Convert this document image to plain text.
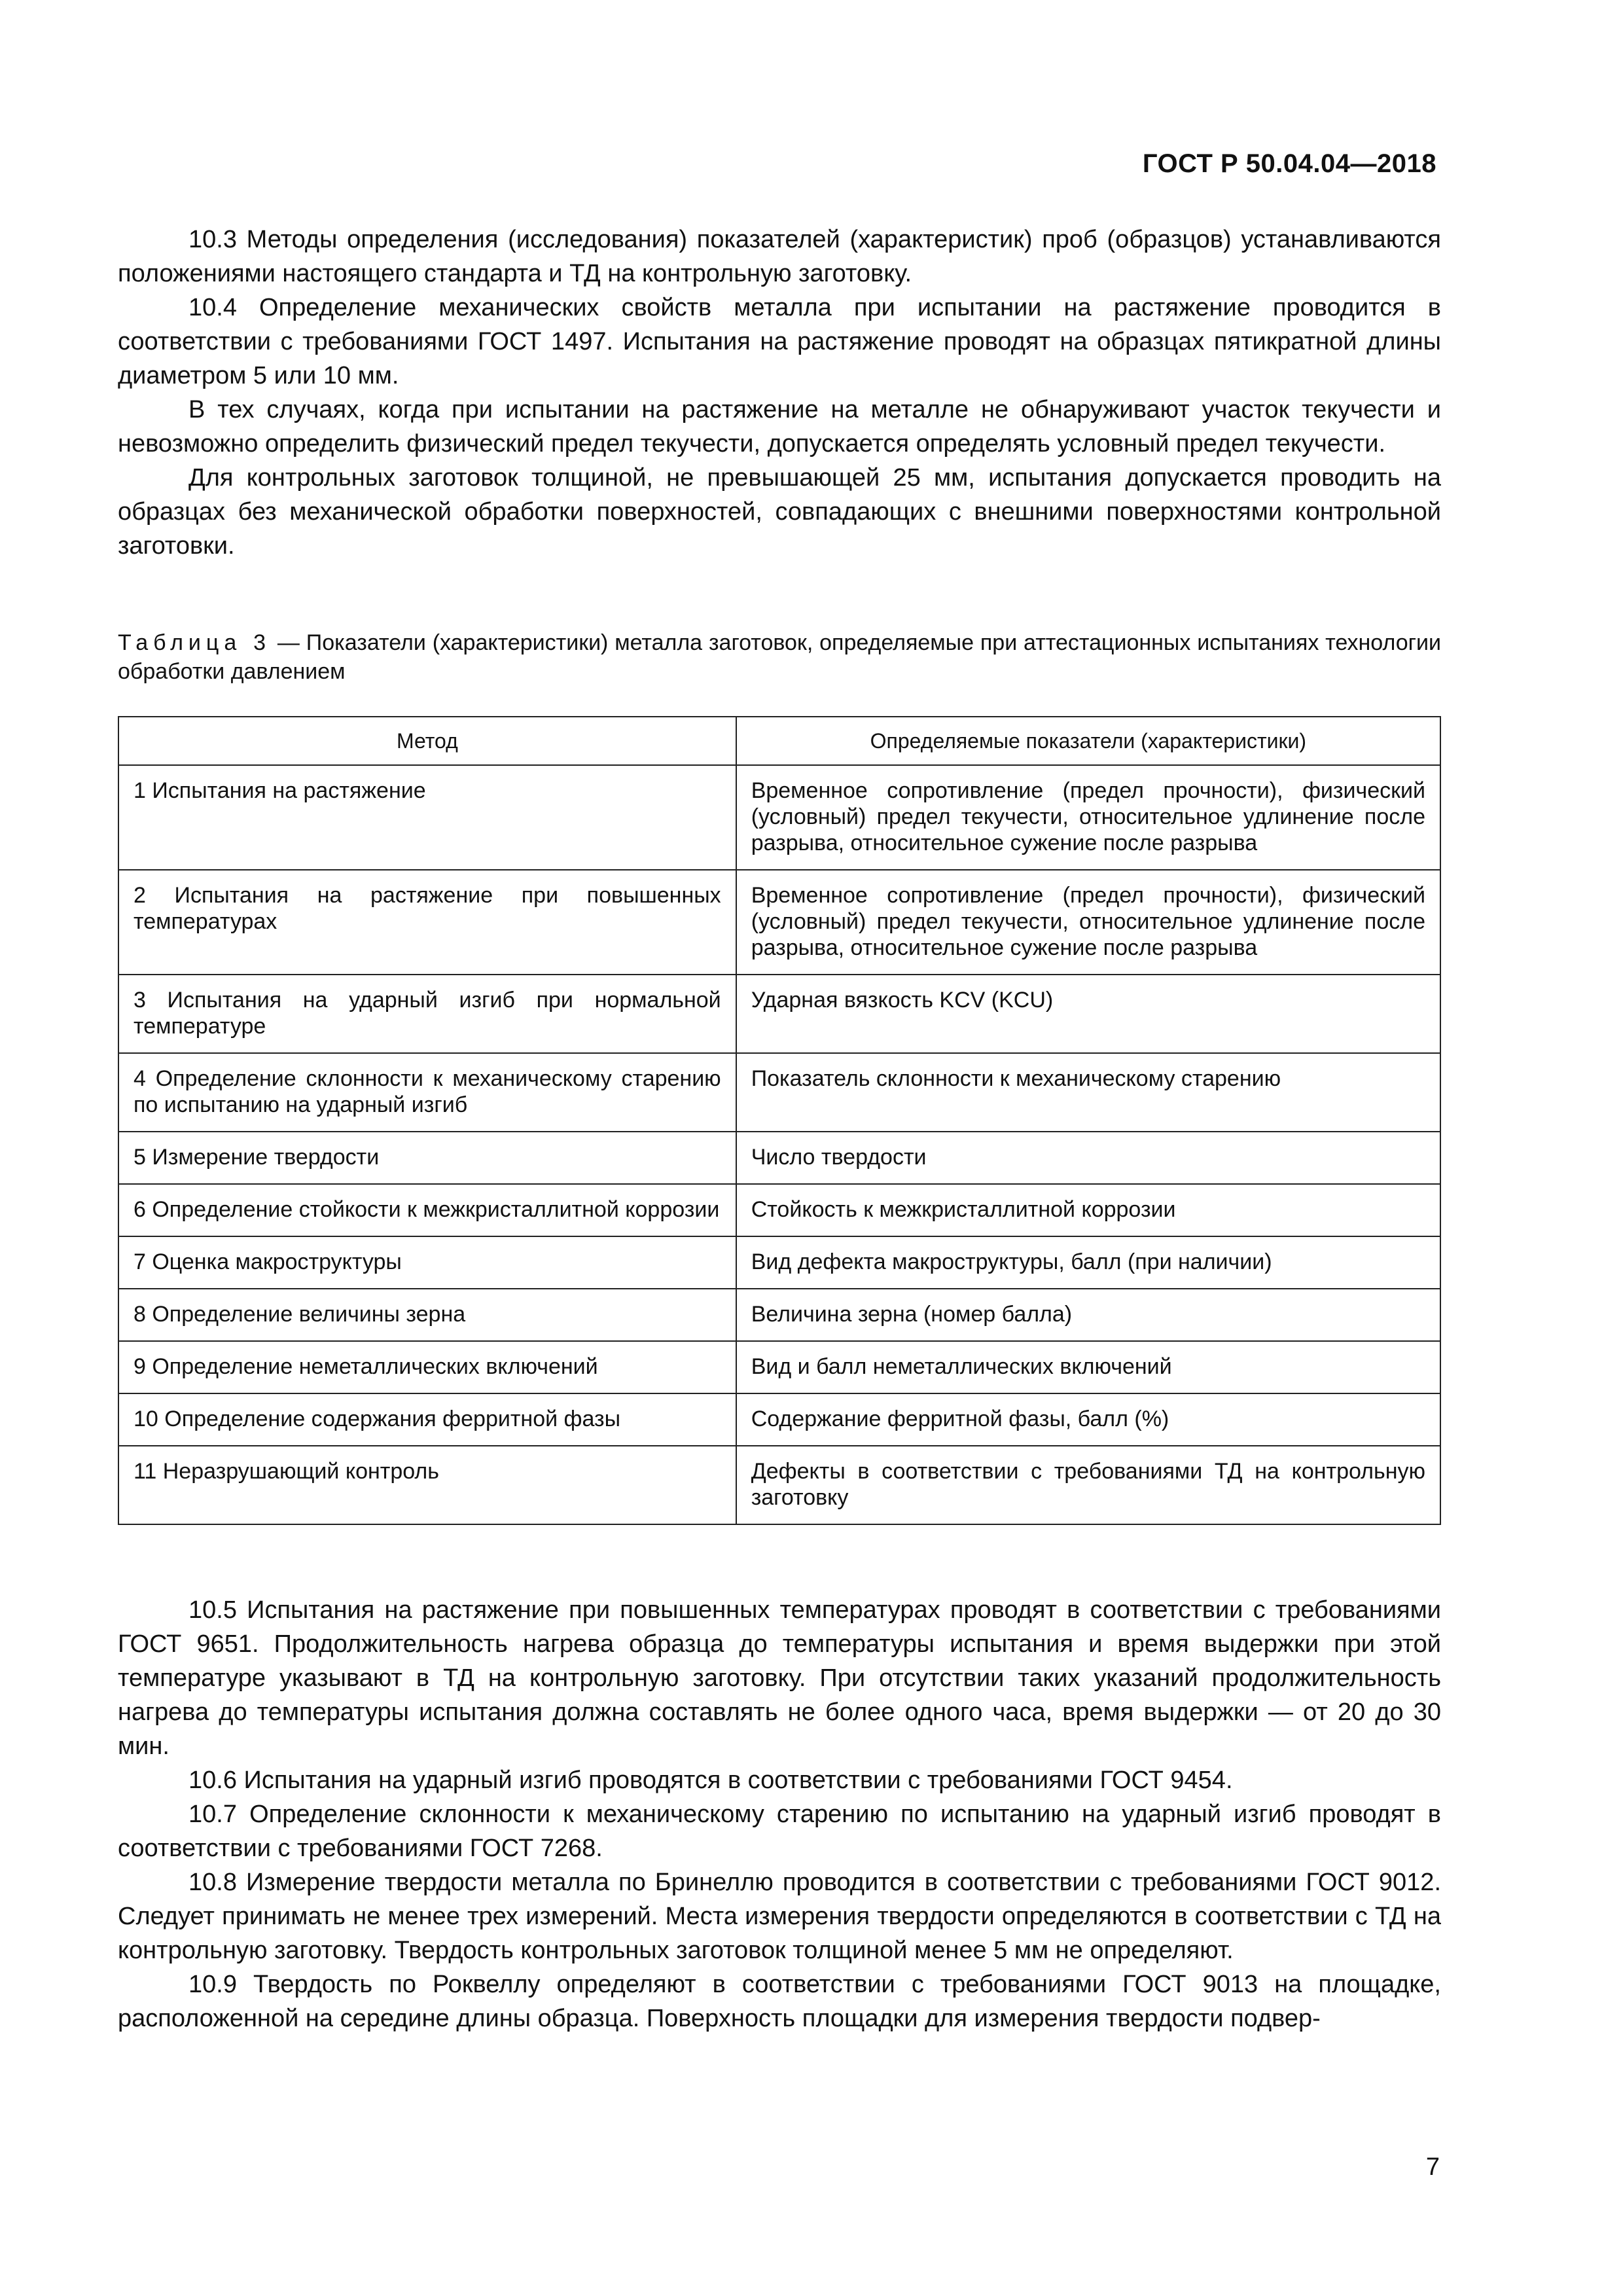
ГОСТ Р 50.04.04—2018

10.3 Методы определения (исследования) показателей (характеристик) проб (образцов) устанавливаются положениями настоящего стандарта и ТД на контрольную заготовку.

10.4 Определение механических свойств металла при испытании на растяжение проводится в соответствии с требованиями ГОСТ 1497. Испытания на растяжение проводят на образцах пятикратной длины диаметром 5 или 10 мм.

В тех случаях, когда при испытании на растяжение на металле не обнаруживают участок текучести и невозможно определить физический предел текучести, допускается определять условный предел текучести.

Для контрольных заготовок толщиной, не превышающей 25 мм, испытания допускается проводить на образцах без механической обработки поверхностей, совпадающих с внешними поверхностями контрольной заготовки.

Таблица 3 — Показатели (характеристики) металла заготовок, определяемые при аттестационных испытаниях технологии обработки давлением
Метод	Определяемые показатели (характеристики)
1 Испытания на растяжение	Временное сопротивление (предел прочности), физический (условный) предел текучести, относительное удлинение после разрыва, относительное сужение после разрыва
2 Испытания на растяжение при повышенных температурах	Временное сопротивление (предел прочности), физический (условный) предел текучести, относительное удлинение после разрыва, относительное сужение после разрыва
3 Испытания на ударный изгиб при нормальной температуре	Ударная вязкость KCV (KCU)
4 Определение склонности к механическому старению по испытанию на ударный изгиб	Показатель склонности к механическому старению
5 Измерение твердости	Число твердости
6 Определение стойкости к межкристаллитной коррозии	Стойкость к межкристаллитной коррозии
7 Оценка макроструктуры	Вид дефекта макроструктуры, балл (при наличии)
8 Определение величины зерна	Величина зерна (номер балла)
9 Определение неметаллических включений	Вид и балл неметаллических включений
10 Определение содержания ферритной фазы	Содержание ферритной фазы, балл (%)
11 Неразрушающий контроль	Дефекты в соответствии с требованиями ТД на контрольную заготовку

10.5 Испытания на растяжение при повышенных температурах проводят в соответствии с требованиями ГОСТ 9651. Продолжительность нагрева образца до температуры испытания и время выдержки при этой температуре указывают в ТД на контрольную заготовку. При отсутствии таких указаний продолжительность нагрева до температуры испытания должна составлять не более одного часа, время выдержки — от 20 до 30 мин.

10.6 Испытания на ударный изгиб проводятся в соответствии с требованиями ГОСТ 9454.

10.7 Определение склонности к механическому старению по испытанию на ударный изгиб проводят в соответствии с требованиями ГОСТ 7268.

10.8 Измерение твердости металла по Бринеллю проводится в соответствии с требованиями ГОСТ 9012. Следует принимать не менее трех измерений. Места измерения твердости определяются в соответствии с ТД на контрольную заготовку. Твердость контрольных заготовок толщиной менее 5 мм не определяют.

10.9 Твердость по Роквеллу определяют в соответствии с требованиями ГОСТ 9013 на площадке, расположенной на середине длины образца. Поверхность площадки для измерения твердости подвер-

7
